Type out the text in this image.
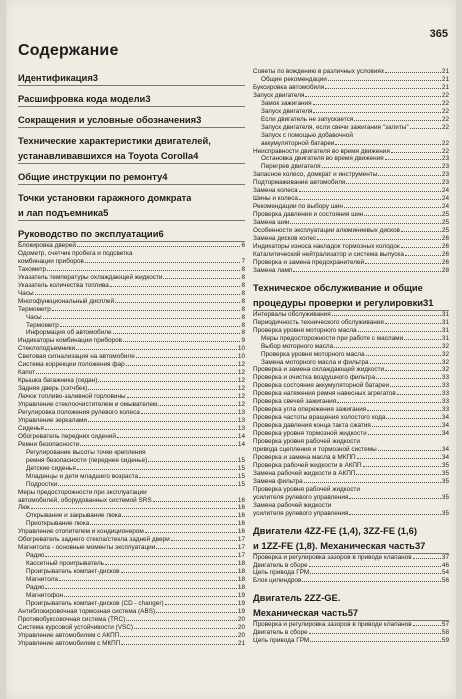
365
Содержание
Идентификация 3
Расшифровка кода модели 3
Сокращения и условные обозначения 3
Технические характеристики двигателей,
устанавливавшихся на Toyota Corolla 4
Общие инструкции по ремонту 4
Точки установки гаражного домкрата
и лап подъемника 5
Руководство по эксплуатации 6
Блокировка дверей	6
Одометр, счетчик пробега и подсветка
комбинации приборов	7
Тахометр	8
Указатель температуры охлаждающей жидкости	8
Указатель количества топлива	8
Часы	8
Многофункциональный дисплей	8
Термометр	8
Часы	8
Термометр	8
Информация об автомобиле	8
Индикаторы комбинации приборов	9
Стеклоподъемники	10
Световая сигнализация на автомобиле	10
Система коррекции положения фар	12
Капот	12
Крышка багажника (седан)	12
Задняя дверь (хэтчбек)	12
Лючок топливо-заливной горловины	12
Управление стеклоочистителем и омывателем	12
Регулировка положения рулевого колеса	13
Управление зеркалами	13
Сиденья	13
Обогреватель передних сидений	14
Ремни безопасности	14
Регулирование высоты точки крепления
ремня безопасности (переднее сиденье)	15
Детские сиденья	15
Младенцы и дети младшего возраста	15
Подростки	15
Меры предосторожности при эксплуатации
автомобилей, оборудованных системой SRS	16
Люк	16
Открывание и закрывание люка	16
Приоткрывание люка	16
Управление отопителем и кондиционером	16
Обогреватель заднего стекла/стекла задней двери	17
Магнитола - основные моменты эксплуатации	17
Радио	17
Кассетный проигрыватель	18
Проигрыватель компакт-дисков	18
Магнитола	18
Радио	18
Магнитофон	19
Проигрыватель компакт-дисков (CD - changer)	19
Антиблокировочная тормозная система (ABS)	19
Противобуксовочная система (TRC)	20
Система курсовой устойчивости (VSC)	20
Управление автомобилем с АКПП	20
Управление автомобилем с МКПП	21
Советы по вождению в различных условиях	21
Общие рекомендации	21
Буксировка автомобиля	21
Запуск двигателя	22
Замок зажигания	22
Запуск двигателя	22
Если двигатель не запускается	22
Запуск двигателя, если свечи зажигания "залиты"	22
Запуск с помощью добавочной
аккумуляторной батареи	22
Неисправности двигателя во время движения	22
Остановка двигателя во время движения	23
Перегрев двигателя	23
Запасное колесо, домкрат и инструменты	23
Подтормаживание автомобиля	23
Замена колеса	24
Шины и колеса	24
Рекомендации по выбору шин	24
Проверка давления и состояния шин	25
Замена шин	25
Особенности эксплуатации алюминиевых дисков	25
Замена дисков колес	26
Индикаторы износа накладок тормозных колодок	26
Каталитический нейтрализатор и система выпуска	26
Проверка и замена предохранителей	26
Замена ламп	28
Техническое обслуживание и общие
процедуры проверки и регулировки 31
Интервалы обслуживания	31
Периодичность технического обслуживания	31
Проверка уровня моторного масла	31
Меры предосторожности при работе с маслами	31
Выбор моторного масла	32
Проверка уровня моторного масла	32
Замена моторного масла и фильтра	32
Проверка и замена охлаждающей жидкости	32
Проверка и очистка воздушного фильтра	33
Проверка состояния аккумуляторной батареи	33
Проверка натяжения ремня навесных агрегатов	33
Проверка свечей зажигания	33
Проверка угла опережения зажигания	33
Проверка частоты вращения холостого хода	34
Проверка давления конца такта сжатия	34
Проверка уровня тормозной жидкости	34
Проверка уровня рабочей жидкости
привода сцепления и тормозной системы	34
Проверка и замена масла в МКПП	34
Проверка рабочей жидкости в АКПП	35
Замена рабочей жидкости в АКПП	35
Замена фильтра	35
Проверка уровня рабочей жидкости
усилителя рулевого управления	35
Замена рабочей жидкости
усилителя рулевого управления	35
Двигатели 4ZZ-FE (1,4), 3ZZ-FE (1,6)
и 1ZZ-FE (1,8). Механическая часть 37
Проверка и регулировка зазоров в приводе клапанов	37
Двигатель в сборе	46
Цепь привода ГРМ	54
Блок цилиндров	56
Двигатель 2ZZ-GE.
Механическая часть 57
Проверка и регулировка зазоров в приводе клапанов	57
Двигатель в сборе	58
Цепь привода ГРМ	59
